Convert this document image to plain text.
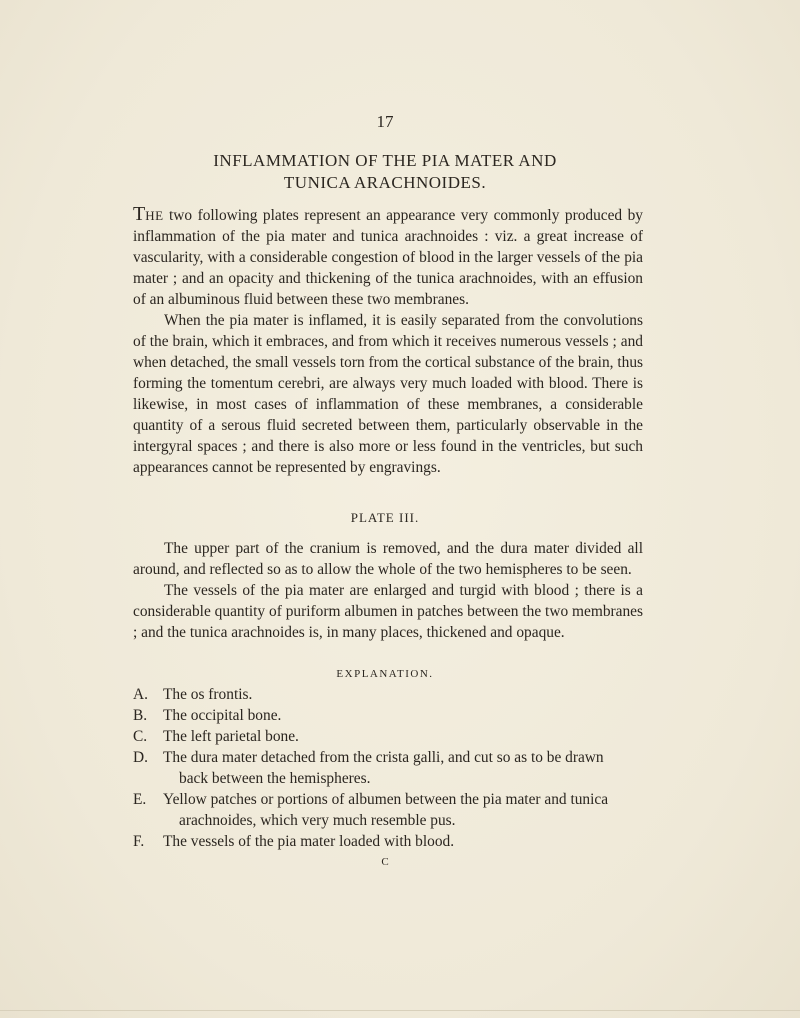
17
INFLAMMATION OF THE PIA MATER AND
TUNICA ARACHNOIDES.

THE two following plates represent an appearance very commonly produced by inflammation of the pia mater and tunica arachnoides : viz. a great increase of vascularity, with a considerable congestion of blood in the larger vessels of the pia mater ; and an opacity and thickening of the tunica arachnoides, with an effusion of an albuminous fluid between these two membranes.

When the pia mater is inflamed, it is easily separated from the convolutions of the brain, which it embraces, and from which it receives numerous vessels ; and when detached, the small vessels torn from the cortical substance of the brain, thus forming the tomentum cerebri, are always very much loaded with blood. There is likewise, in most cases of inflammation of these membranes, a considerable quantity of a serous fluid secreted between them, particularly observable in the intergyral spaces ; and there is also more or less found in the ventricles, but such appearances cannot be represented by engravings.

PLATE III.

The upper part of the cranium is removed, and the dura mater divided all around, and reflected so as to allow the whole of the two hemispheres to be seen.

The vessels of the pia mater are enlarged and turgid with blood ; there is a considerable quantity of puriform albumen in patches between the two membranes ; and the tunica arachnoides is, in many places, thickened and opaque.

EXPLANATION.
A. The os frontis.
B.	The occipital bone.
C.	The left parietal bone.
D. The dura mater detached from the crista galli, and cut so as to be drawn
back between the hemispheres.
E.	Yellow patches or portions of albumen between the pia mater and tunica
arachnoides, which very much resemble pus.
F.	The vessels of the pia mater loaded with blood.
C
